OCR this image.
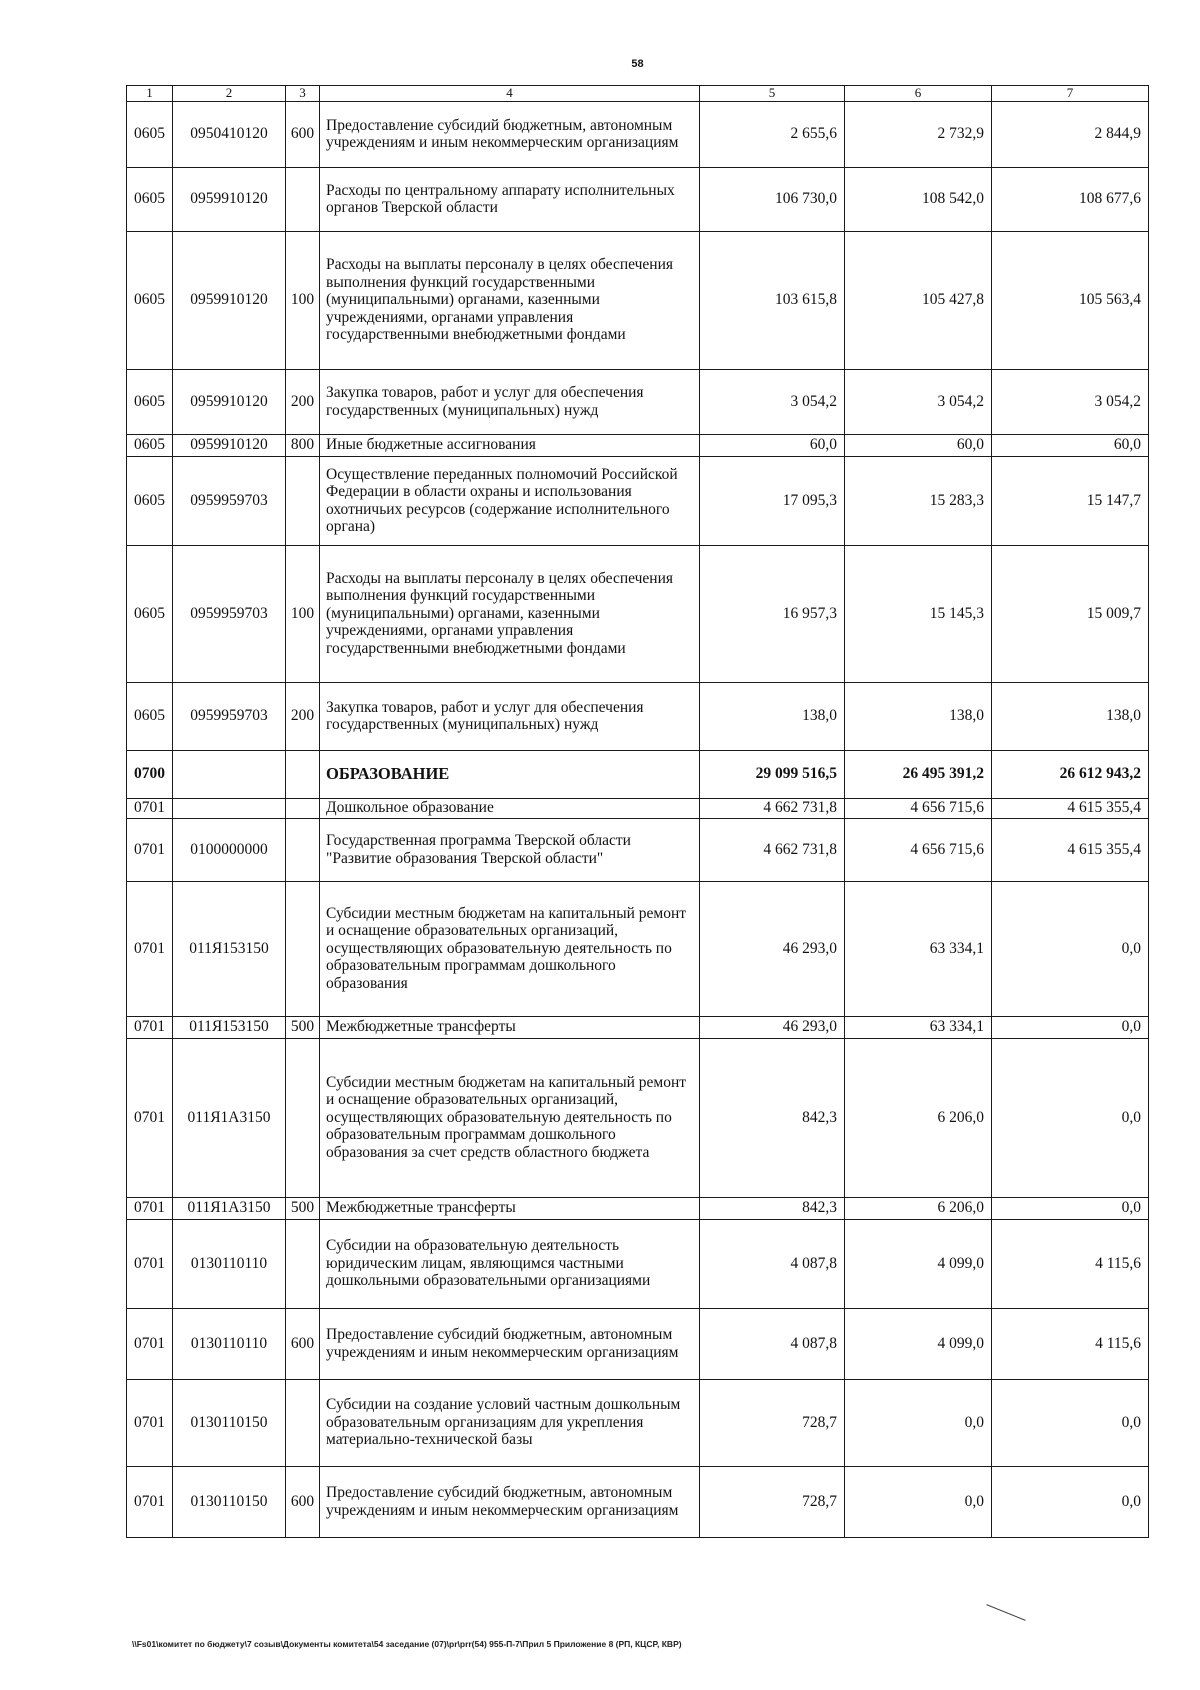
58
1	2	3	4	5	6	7
0605	0950410120	600	Предоставление субсидий бюджетным, автономным учреждениям и иным некоммерческим организациям	2 655,6	2 732,9	2 844,9
0605	0959910120		Расходы по центральному аппарату исполнительных органов Тверской области	106 730,0	108 542,0	108 677,6
0605	0959910120	100	Расходы на выплаты персоналу в целях обеспечения выполнения функций государственными (муниципальными) органами, казенными учреждениями, органами управления государственными внебюджетными фондами	103 615,8	105 427,8	105 563,4
0605	0959910120	200	Закупка товаров, работ и услуг для обеспечения государственных (муниципальных) нужд	3 054,2	3 054,2	3 054,2
0605	0959910120	800	Иные бюджетные ассигнования	60,0	60,0	60,0
0605	0959959703		Осуществление переданных полномочий Российской Федерации в области охраны и использования охотничьих ресурсов (содержание исполнительного органа)	17 095,3	15 283,3	15 147,7
0605	0959959703	100	Расходы на выплаты персоналу в целях обеспечения выполнения функций государственными (муниципальными) органами, казенными учреждениями, органами управления государственными внебюджетными фондами	16 957,3	15 145,3	15 009,7
0605	0959959703	200	Закупка товаров, работ и услуг для обеспечения государственных (муниципальных) нужд	138,0	138,0	138,0
0700			ОБРАЗОВАНИЕ	29 099 516,5	26 495 391,2	26 612 943,2
0701			Дошкольное образование	4 662 731,8	4 656 715,6	4 615 355,4
0701	0100000000		Государственная программа Тверской области "Развитие образования Тверской области"	4 662 731,8	4 656 715,6	4 615 355,4
0701	011Я153150		Субсидии местным бюджетам на капитальный ремонт и оснащение образовательных организаций, осуществляющих образовательную деятельность по образовательным программам дошкольного образования	46 293,0	63 334,1	0,0
0701	011Я153150	500	Межбюджетные трансферты	46 293,0	63 334,1	0,0
0701	011Я1А3150		Субсидии местным бюджетам на капитальный ремонт и оснащение образовательных организаций, осуществляющих образовательную деятельность по образовательным программам дошкольного образования за счет средств областного бюджета	842,3	6 206,0	0,0
0701	011Я1А3150	500	Межбюджетные трансферты	842,3	6 206,0	0,0
0701	0130110110		Субсидии на образовательную деятельность юридическим лицам, являющимся частными дошкольными образовательными организациями	4 087,8	4 099,0	4 115,6
0701	0130110110	600	Предоставление субсидий бюджетным, автономным учреждениям и иным некоммерческим организациям	4 087,8	4 099,0	4 115,6
0701	0130110150		Субсидии на создание условий частным дошкольным образовательным организациям для укрепления материально-технической базы	728,7	0,0	0,0
0701	0130110150	600	Предоставление субсидий бюджетным, автономным учреждениям и иным некоммерческим организациям	728,7	0,0	0,0
\\Fs01\комитет по бюджету\7 созыв\Документы комитета\54 заседание (07)\pr\prr(54) 955-П-7\Прил 5 Приложение 8 (РП, КЦСР, КВР)
